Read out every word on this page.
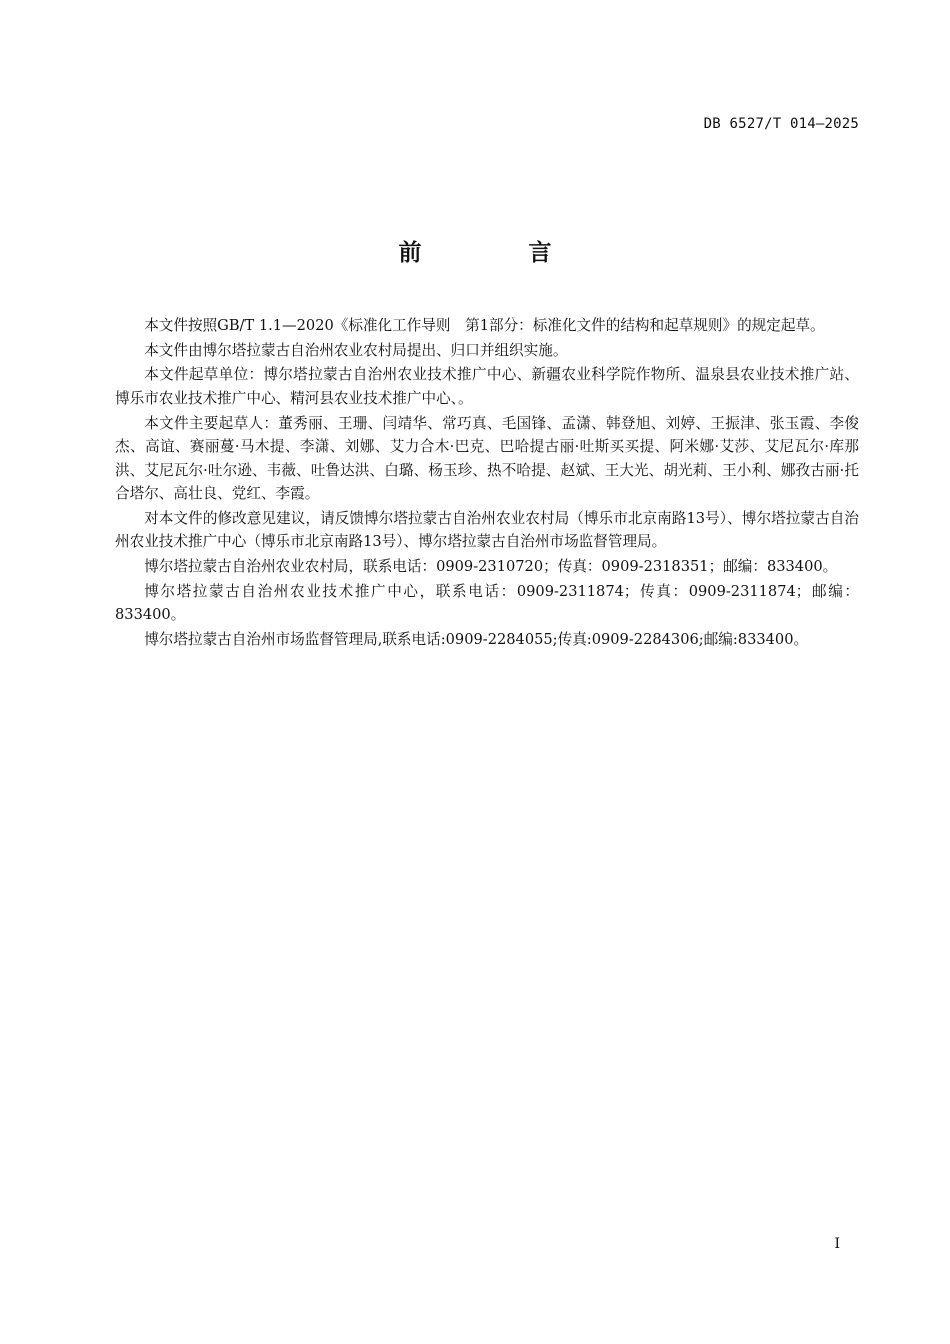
DB 6527/T 014—2025
前　言

本文件按照GB/T 1.1—2020《标准化工作导则　第1部分：标准化文件的结构和起草规则》的规定起草。

本文件由博尔塔拉蒙古自治州农业农村局提出、归口并组织实施。

本文件起草单位：博尔塔拉蒙古自治州农业技术推广中心、新疆农业科学院作物所、温泉县农业技术推广站、博乐市农业技术推广中心、精河县农业技术推广中心、。

本文件主要起草人：董秀丽、王珊、闫靖华、常巧真、毛国锋、孟潇、韩登旭、刘婷、王振津、张玉霞、李俊杰、高谊、赛丽蔓·马木提、李潇、刘娜、艾力合木·巴克、巴哈提古丽·吐斯买买提、阿米娜·艾莎、艾尼瓦尔·库那洪、艾尼瓦尔·吐尔逊、韦薇、吐鲁达洪、白璐、杨玉珍、热不哈提、赵斌、王大光、胡光莉、王小利、娜孜古丽·托合塔尔、高壮良、党红、李霞。

对本文件的修改意见建议，请反馈博尔塔拉蒙古自治州农业农村局（博乐市北京南路13号）、博尔塔拉蒙古自治州农业技术推广中心（博乐市北京南路13号）、博尔塔拉蒙古自治州市场监督管理局。

博尔塔拉蒙古自治州农业农村局，联系电话：0909-2310720；传真：0909-2318351；邮编：833400。

博尔塔拉蒙古自治州农业技术推广中心，联系电话：0909-2311874；传真：0909-2311874；邮编：833400。

博尔塔拉蒙古自治州市场监督管理局,联系电话:0909-2284055;传真:0909-2284306;邮编:833400。

I
